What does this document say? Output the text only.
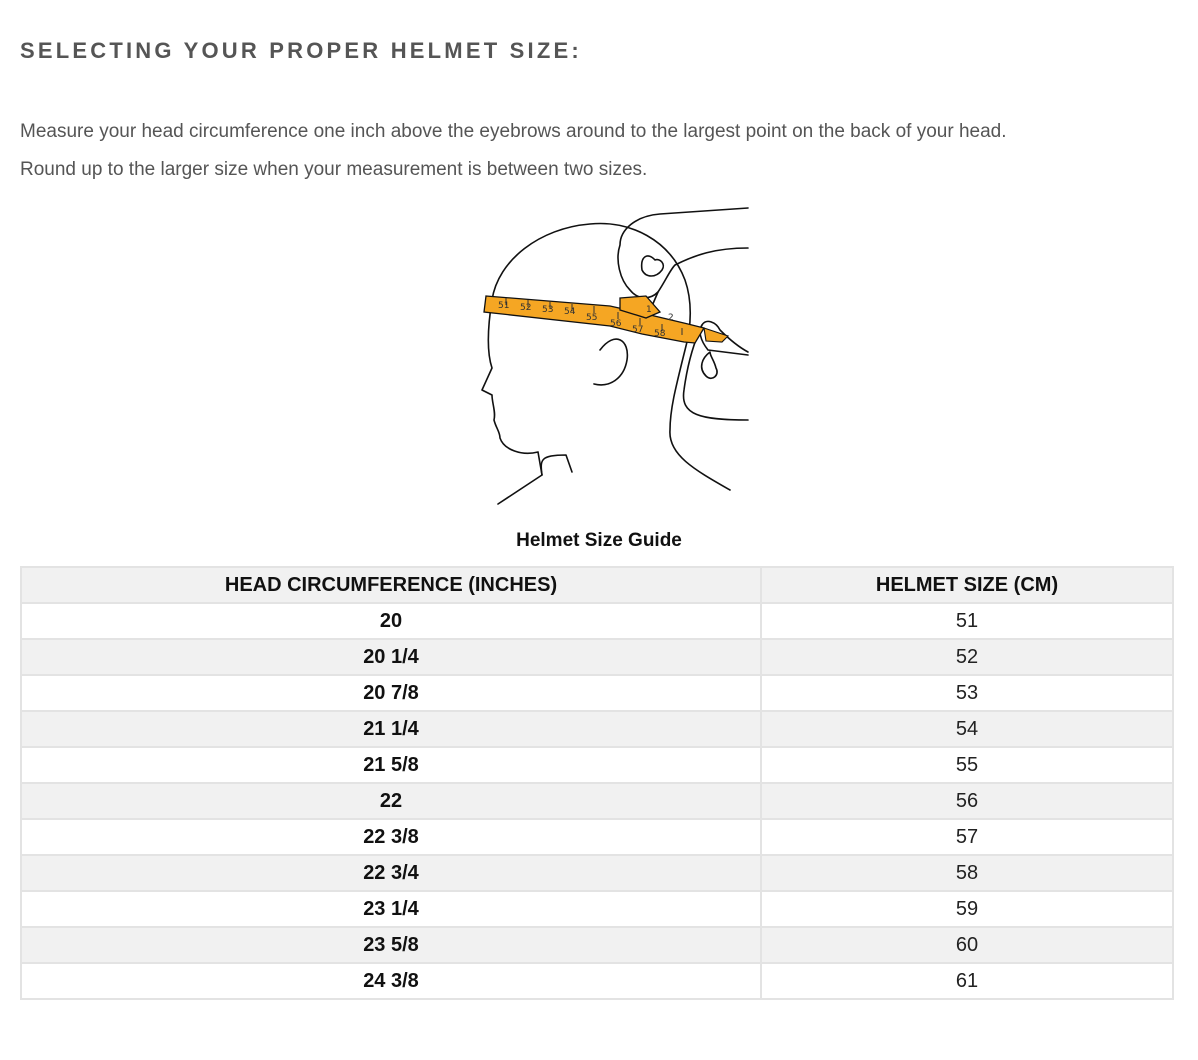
SELECTING YOUR PROPER HELMET SIZE:

Measure your head circumference one inch above the eyebrows around to the largest point on the back of your head.

Round up to the larger size when your measurement is between two sizes.

51 52 53 54
55
56
57 58
1
2

Helmet Size Guide

HEAD CIRCUMFERENCE (INCHES)	HELMET SIZE (CM)
20	51
20 1/4	52
20 7/8	53
21 1/4	54
21 5/8	55
22	56
22 3/8	57
22 3/4	58
23 1/4	59
23 5/8	60
24 3/8	61
